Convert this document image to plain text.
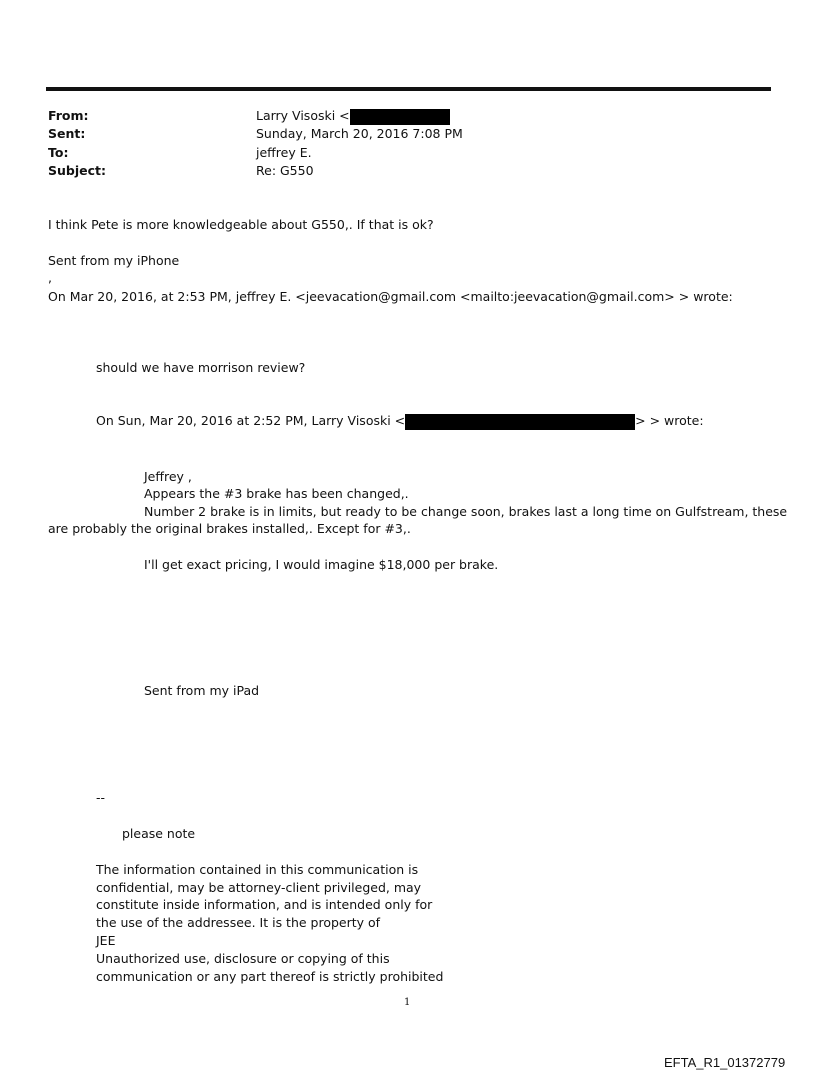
From:	Larry Visoski <
Sent:	Sunday, March 20, 2016 7:08 PM
To:	jeffrey E.
Subject:	Re: G550
I think Pete is more knowledgeable about G550,. If that is ok?
Sent from my iPhone
,
On Mar 20, 2016, at 2:53 PM, jeffrey E. <jeevacation@gmail.com <mailto:jeevacation@gmail.com> > wrote:
should we have morrison review?
On Sun, Mar 20, 2016 at 2:52 PM, Larry Visoski <	> > wrote:
Jeffrey ,
Appears the #3 brake has been changed,.
Number 2 brake is in limits, but ready to be change soon, brakes last a long time on Gulfstream, these
are probably the original brakes installed,. Except for #3,.
I'll get exact pricing, I would imagine $18,000 per brake.
Sent from my iPad
--
please note
The information contained in this communication is
confidential, may be attorney-client privileged, may
constitute inside information, and is intended only for
the use of the addressee. It is the property of
JEE
Unauthorized use, disclosure or copying of this
communication or any part thereof is strictly prohibited
1
EFTA_R1_01372779
